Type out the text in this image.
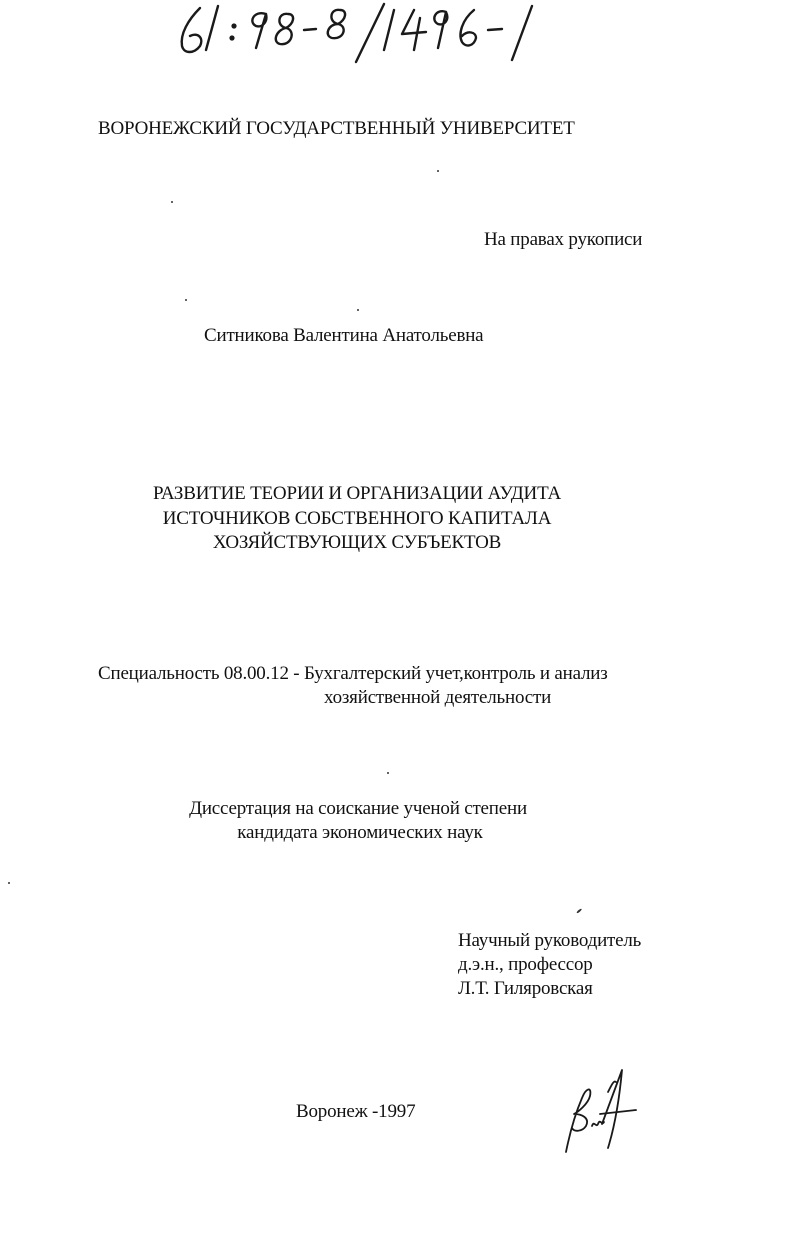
ВОРОНЕЖСКИЙ ГОСУДАРСТВЕННЫЙ УНИВЕРСИТЕТ
На правах рукописи
Ситникова Валентина Анатольевна
РАЗВИТИЕ ТЕОРИИ И ОРГАНИЗАЦИИ АУДИТА
ИСТОЧНИКОВ СОБСТВЕННОГО КАПИТАЛА
ХОЗЯЙСТВУЮЩИХ СУБЪЕКТОВ
Специальность 08.00.12 - Бухгалтерский учет,контроль и анализ
хозяйственной деятельности
Диссертация на соискание ученой степени
кандидата экономических наук
Научный руководитель
д.э.н., профессор
Л.Т. Гиляровская
Воронеж -1997
